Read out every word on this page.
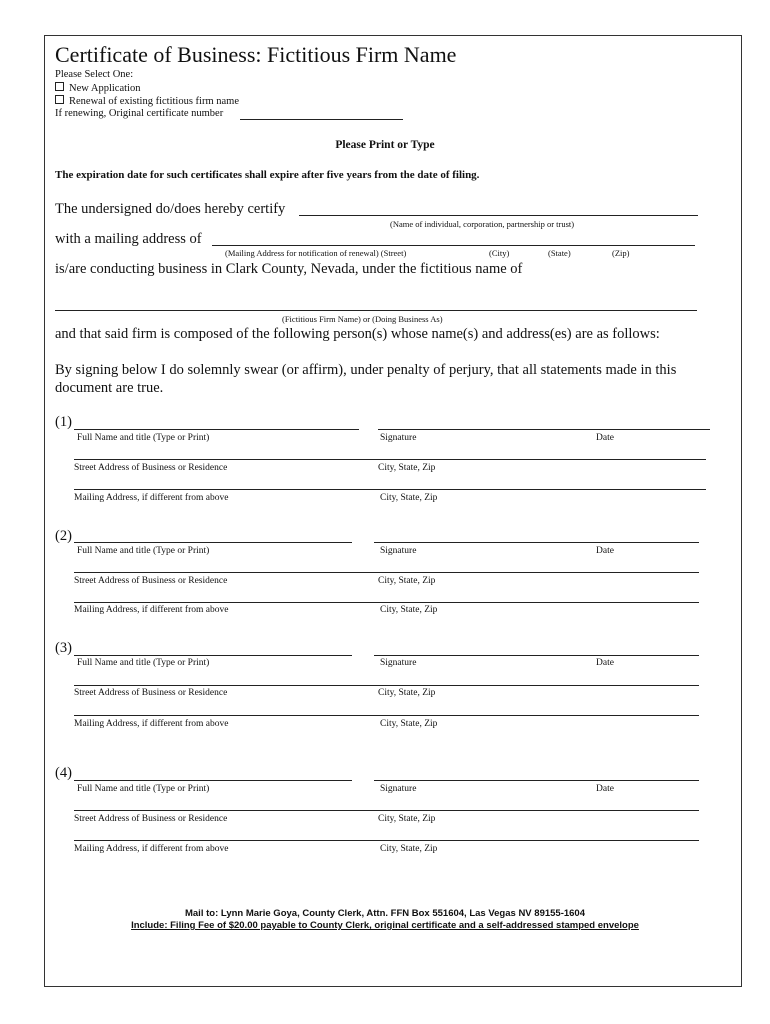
Certificate of Business: Fictitious Firm Name
Please Select One:
New Application
Renewal of existing fictitious firm name
If renewing, Original certificate number
Please Print or Type
The expiration date for such certificates shall expire after five years from the date of filing.
The undersigned do/does hereby certify
(Name of individual, corporation, partnership or trust)
with a mailing address of
(Mailing Address for notification of renewal) (Street)	(City)	(State)	(Zip)
is/are conducting business in Clark County, Nevada, under the fictitious name of
(Fictitious Firm Name) or (Doing Business As)
and that said firm is composed of the following person(s) whose name(s) and address(es) are as follows:
By signing below I do solemnly swear (or affirm), under penalty of perjury, that all statements made in this
document are true.
(1)
Full Name and title (Type or Print)	Signature	Date
Street Address of Business or Residence	City, State, Zip
Mailing Address, if different from above	City, State, Zip
(2)
Full Name and title (Type or Print)	Signature	Date
Street Address of Business or Residence	City, State, Zip
Mailing Address, if different from above	City, State, Zip
(3)
Full Name and title (Type or Print)	Signature	Date
Street Address of Business or Residence	City, State, Zip
Mailing Address, if different from above	City, State, Zip
(4)
Full Name and title (Type or Print)	Signature	Date
Street Address of Business or Residence	City, State, Zip
Mailing Address, if different from above	City, State, Zip
Mail to: Lynn Marie Goya, County Clerk, Attn. FFN Box 551604, Las Vegas NV 89155-1604
Include: Filing Fee of $20.00 payable to County Clerk, original certificate and a self-addressed stamped envelope
